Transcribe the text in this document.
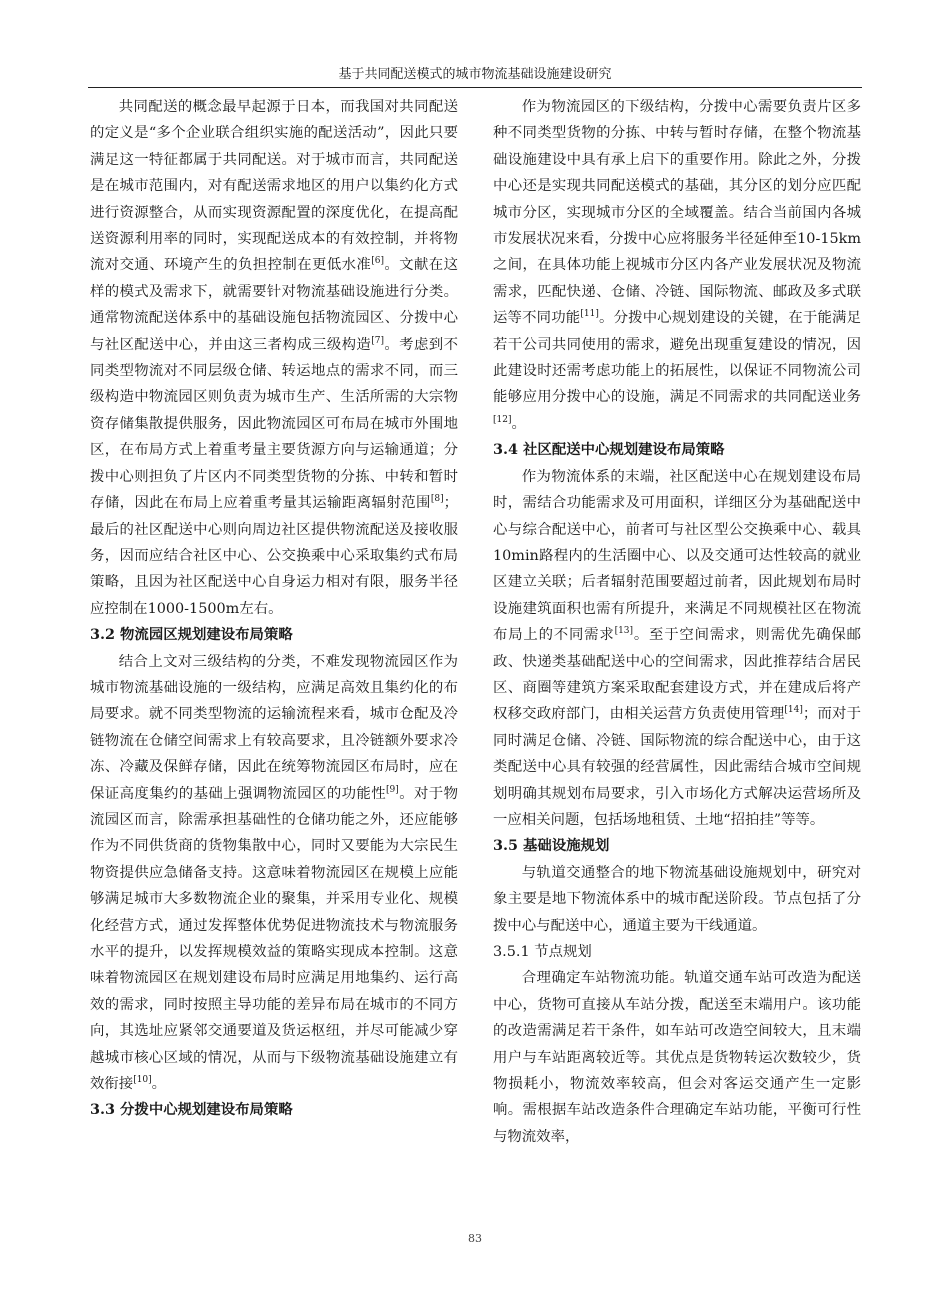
基于共同配送模式的城市物流基础设施建设研究

共同配送的概念最早起源于日本，而我国对共同配送的定义是“多个企业联合组织实施的配送活动”，因此只要满足这一特征都属于共同配送。对于城市而言，共同配送是在城市范围内，对有配送需求地区的用户以集约化方式进行资源整合，从而实现资源配置的深度优化，在提高配送资源利用率的同时，实现配送成本的有效控制，并将物流对交通、环境产生的负担控制在更低水准[6]。文献在这样的模式及需求下，就需要针对物流基础设施进行分类。通常物流配送体系中的基础设施包括物流园区、分拨中心与社区配送中心，并由这三者构成三级构造[7]。考虑到不同类型物流对不同层级仓储、转运地点的需求不同，而三级构造中物流园区则负责为城市生产、生活所需的大宗物资存储集散提供服务，因此物流园区可布局在城市外围地区，在布局方式上着重考量主要货源方向与运输通道；分拨中心则担负了片区内不同类型货物的分拣、中转和暂时存储，因此在布局上应着重考量其运输距离辐射范围[8]；最后的社区配送中心则向周边社区提供物流配送及接收服务，因而应结合社区中心、公交换乘中心采取集约式布局策略，且因为社区配送中心自身运力相对有限，服务半径应控制在1000-1500m左右。

3.2 物流园区规划建设布局策略

结合上文对三级结构的分类，不难发现物流园区作为城市物流基础设施的一级结构，应满足高效且集约化的布局要求。就不同类型物流的运输流程来看，城市仓配及冷链物流在仓储空间需求上有较高要求，且冷链额外要求冷冻、冷藏及保鲜存储，因此在统筹物流园区布局时，应在保证高度集约的基础上强调物流园区的功能性[9]。对于物流园区而言，除需承担基础性的仓储功能之外，还应能够作为不同供货商的货物集散中心，同时又要能为大宗民生物资提供应急储备支持。这意味着物流园区在规模上应能够满足城市大多数物流企业的聚集，并采用专业化、规模化经营方式，通过发挥整体优势促进物流技术与物流服务水平的提升，以发挥规模效益的策略实现成本控制。这意味着物流园区在规划建设布局时应满足用地集约、运行高效的需求，同时按照主导功能的差异布局在城市的不同方向，其选址应紧邻交通要道及货运枢纽，并尽可能减少穿越城市核心区域的情况，从而与下级物流基础设施建立有效衔接[10]。

3.3 分拨中心规划建设布局策略

作为物流园区的下级结构，分拨中心需要负责片区多种不同类型货物的分拣、中转与暂时存储，在整个物流基础设施建设中具有承上启下的重要作用。除此之外，分拨中心还是实现共同配送模式的基础，其分区的划分应匹配城市分区，实现城市分区的全域覆盖。结合当前国内各城市发展状况来看，分拨中心应将服务半径延伸至10-15km之间，在具体功能上视城市分区内各产业发展状况及物流需求，匹配快递、仓储、冷链、国际物流、邮政及多式联运等不同功能[11]。分拨中心规划建设的关键，在于能满足若干公司共同使用的需求，避免出现重复建设的情况，因此建设时还需考虑功能上的拓展性，以保证不同物流公司能够应用分拨中心的设施，满足不同需求的共同配送业务[12]。

3.4 社区配送中心规划建设布局策略

作为物流体系的末端，社区配送中心在规划建设布局时，需结合功能需求及可用面积，详细区分为基础配送中心与综合配送中心，前者可与社区型公交换乘中心、载具10min路程内的生活圈中心、以及交通可达性较高的就业区建立关联；后者辐射范围要超过前者，因此规划布局时设施建筑面积也需有所提升，来满足不同规模社区在物流布局上的不同需求[13]。至于空间需求，则需优先确保邮政、快递类基础配送中心的空间需求，因此推荐结合居民区、商圈等建筑方案采取配套建设方式，并在建成后将产权移交政府部门，由相关运营方负责使用管理[14]；而对于同时满足仓储、冷链、国际物流的综合配送中心，由于这类配送中心具有较强的经营属性，因此需结合城市空间规划明确其规划布局要求，引入市场化方式解决运营场所及一应相关问题，包括场地租赁、土地“招拍挂”等等。

3.5 基础设施规划

与轨道交通整合的地下物流基础设施规划中，研究对象主要是地下物流体系中的城市配送阶段。节点包括了分拨中心与配送中心，通道主要为干线通道。

3.5.1 节点规划

合理确定车站物流功能。轨道交通车站可改造为配送中心，货物可直接从车站分拨，配送至末端用户。该功能的改造需满足若干条件，如车站可改造空间较大，且末端用户与车站距离较近等。其优点是货物转运次数较少，货物损耗小，物流效率较高，但会对客运交通产生一定影响。需根据车站改造条件合理确定车站功能，平衡可行性与物流效率，

83
